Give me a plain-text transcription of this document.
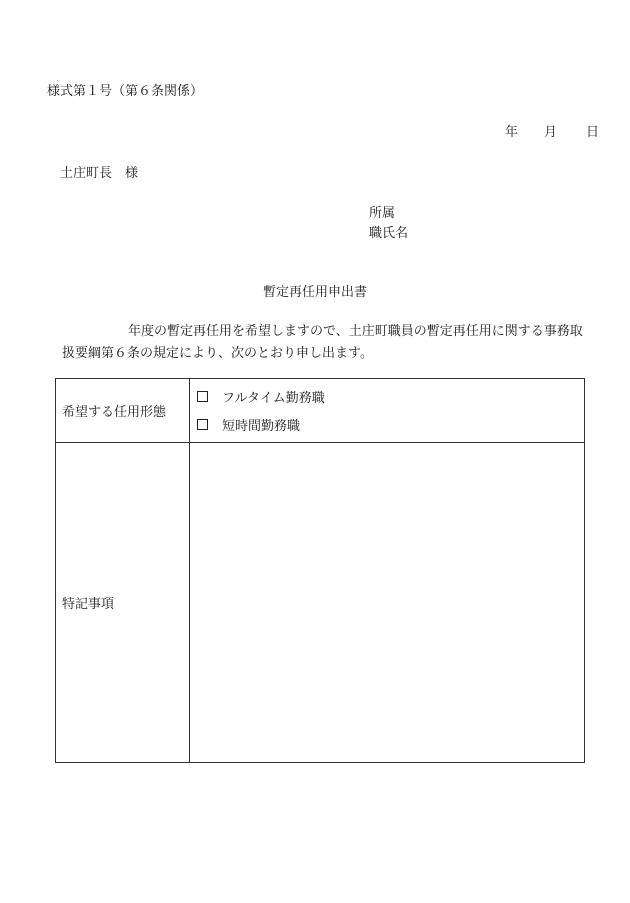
様式第１号（第６条関係）
年 月 日
土庄町長　様
所属
職氏名
暫定再任用申出書
年度の暫定再任用を希望しますので、土庄町職員の暫定再任用に関する事務取
扱要綱第６条の規定により、次のとおり申し出ます。
希望する任用形態	フルタイム勤務職
短時間勤務職

特記事項	
